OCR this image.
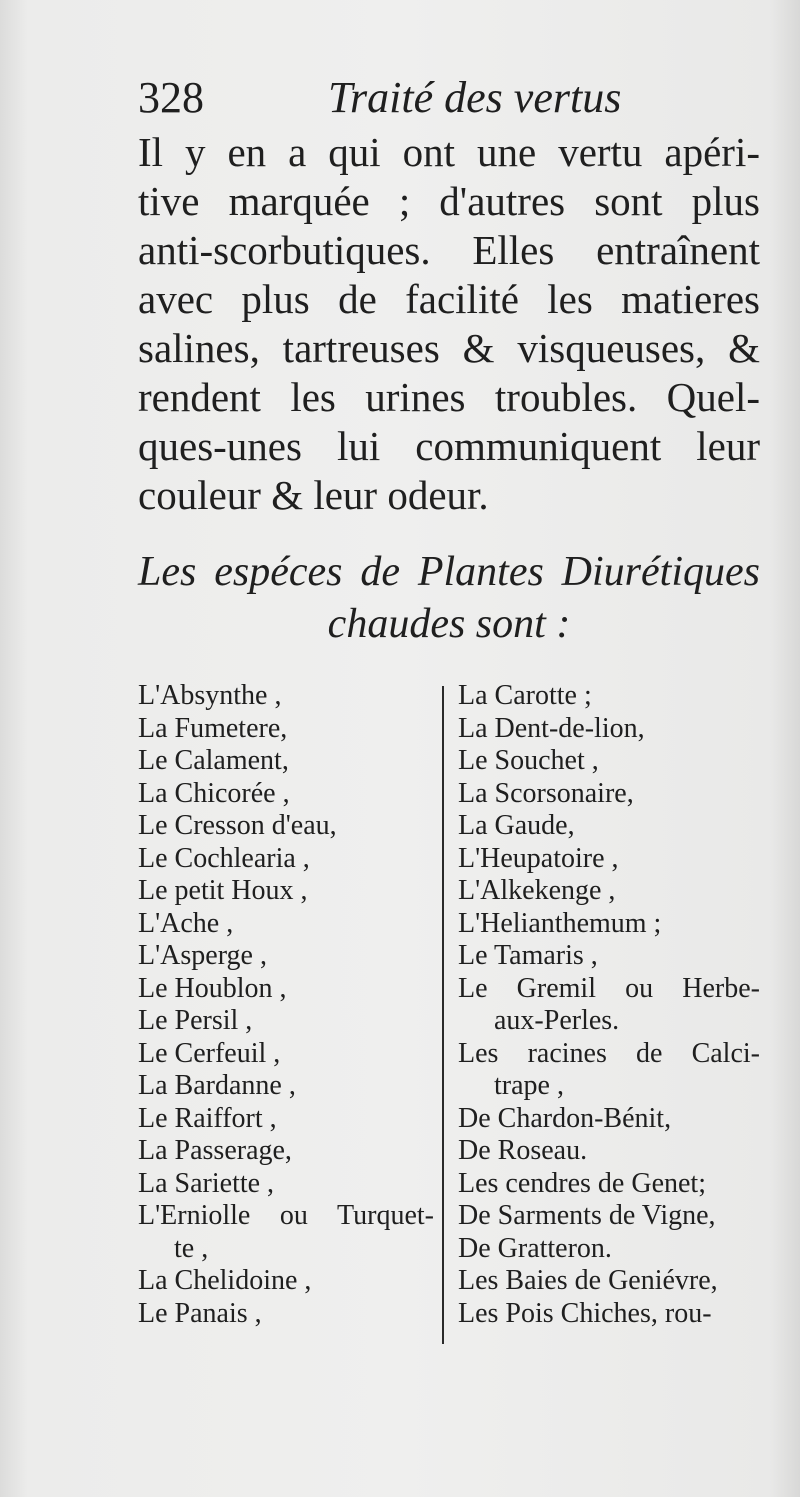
328	Traité des vertus
Il y en a qui ont une vertu apéri-
tive marquée ; d'autres sont plus
anti-scorbutiques. Elles entraînent
avec plus de facilité les matieres
salines, tartreuses & visqueuses, &
rendent les urines troubles. Quel-
ques-unes lui communiquent leur
couleur & leur odeur.
Les espéces de Plantes Diurétiques
chaudes sont :
L'Absynthe ,
La Fumetere,
Le Calament,
La Chicorée ,
Le Cresson d'eau,
Le Cochlearia ,
Le petit Houx ,
L'Ache ,
L'Asperge ,
Le Houblon ,
Le Persil ,
Le Cerfeuil ,
La Bardanne ,
Le Raiffort ,
La Passerage,
La Sariette ,
L'Erniolle ou Turquet-
te ,
La Chelidoine ,
Le Panais ,
La Carotte ;
La Dent-de-lion,
Le Souchet ,
La Scorsonaire,
La Gaude,
L'Heupatoire ,
L'Alkekenge ,
L'Helianthemum ;
Le Tamaris ,
Le Gremil ou Herbe-
aux-Perles.
Les racines de Calci-
trape ,
De Chardon-Bénit,
De Roseau.
Les cendres de Genet;
De Sarments de Vigne,
De Gratteron.
Les Baies de Geniévre,
Les Pois Chiches, rou-
